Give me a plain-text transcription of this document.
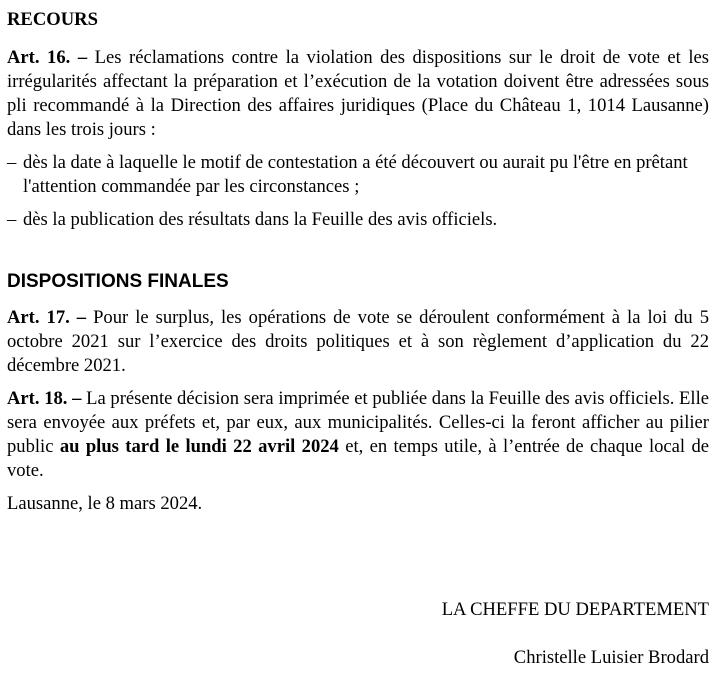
RECOURS

Art. 16. – Les réclamations contre la violation des dispositions sur le droit de vote et les irrégularités affectant la préparation et l’exécution de la votation doivent être adressées sous pli recommandé à la Direction des affaires juridiques (Place du Château 1, 1014 Lausanne) dans les trois jours :

– dès la date à laquelle le motif de contestation a été découvert ou aurait pu l'être en prêtant l'attention commandée par les circonstances ;
– dès la publication des résultats dans la Feuille des avis officiels.
DISPOSITIONS FINALES

Art. 17. – Pour le surplus, les opérations de vote se déroulent conformément à la loi du 5 octobre 2021 sur l’exercice des droits politiques et à son règlement d’application du 22 décembre 2021.

Art. 18. – La présente décision sera imprimée et publiée dans la Feuille des avis officiels. Elle sera envoyée aux préfets et, par eux, aux municipalités. Celles-ci la feront afficher au pilier public au plus tard le lundi 22 avril 2024 et, en temps utile, à l’entrée de chaque local de vote.

Lausanne, le 8 mars 2024.

LA CHEFFE DU DEPARTEMENT
Christelle Luisier Brodard
